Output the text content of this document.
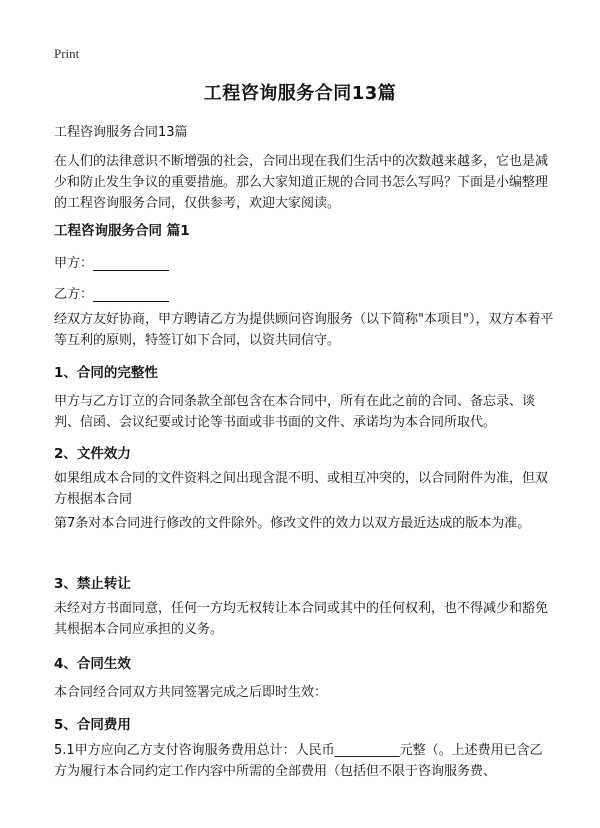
Print
工程咨询服务合同13篇
工程咨询服务合同13篇
在人们的法律意识不断增强的社会，合同出现在我们生活中的次数越来越多，它也是减少和防止发生争议的重要措施。那么大家知道正规的合同书怎么写吗？下面是小编整理的工程咨询服务合同，仅供参考，欢迎大家阅读。
工程咨询服务合同 篇1
甲方：
乙方：
经双方友好协商，甲方聘请乙方为提供顾问咨询服务（以下简称"本项目"），双方本着平等互利的原则，特签订如下合同，以资共同信守。
1、合同的完整性
甲方与乙方订立的合同条款全部包含在本合同中，所有在此之前的合同、备忘录、谈判、信函、会议纪要或讨论等书面或非书面的文件、承诺均为本合同所取代。
2、文件效力
如果组成本合同的文件资料之间出现含混不明、或相互冲突的，以合同附件为准，但双方根据本合同
第7条对本合同进行修改的文件除外。修改文件的效力以双方最近达成的版本为准。
3、禁止转让
未经对方书面同意，任何一方均无权转让本合同或其中的任何权利，也不得减少和豁免其根据本合同应承担的义务。
4、合同生效
本合同经合同双方共同签署完成之后即时生效：
5、合同费用
5.1甲方应向乙方支付咨询服务费用总计：人民币__________元整（。上述费用已含乙方为履行本合同约定工作内容中所需的全部费用（包括但不限于咨询服务费、
